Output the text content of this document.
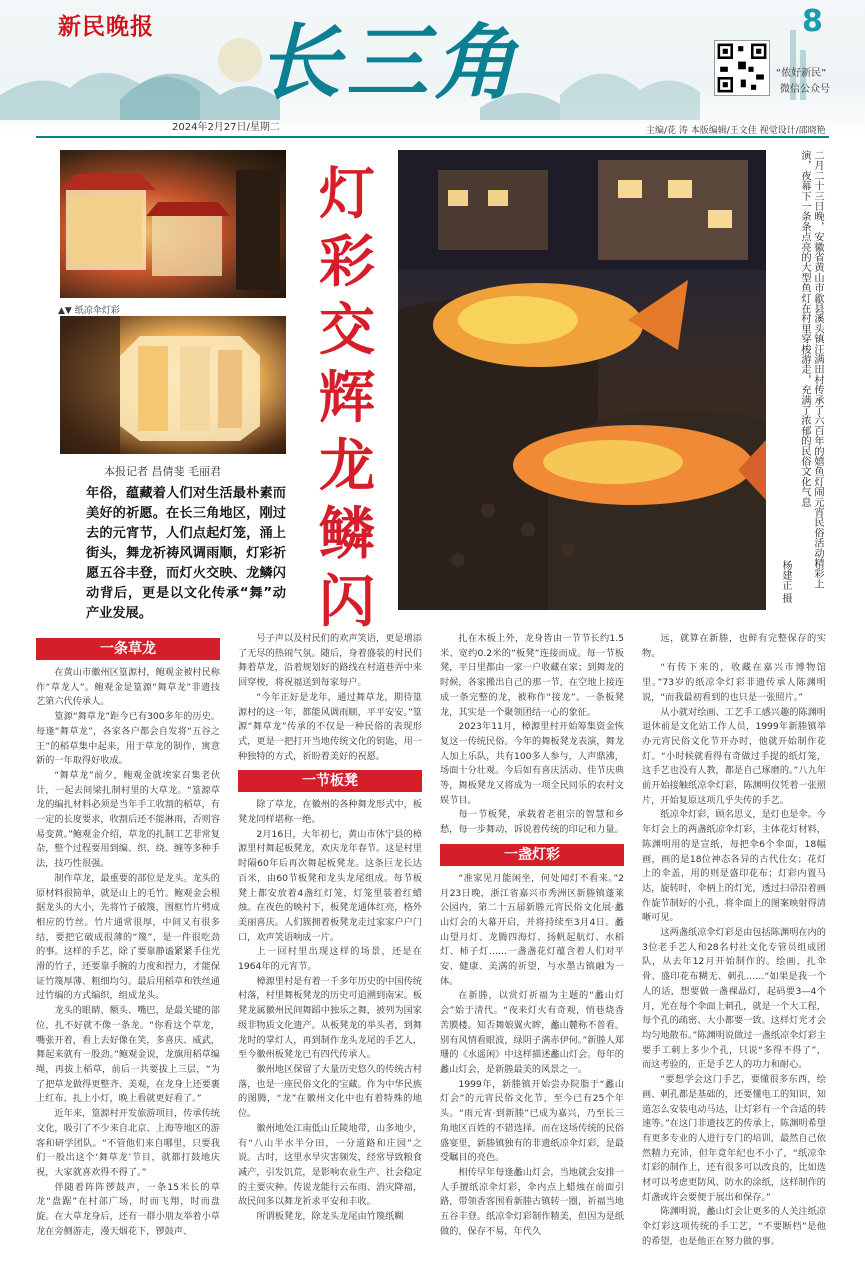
新民晚报	8
长三角
2024年2月27日/星期二
“侬好新民”
微信公众号
主编/花 涛 本版编辑/王文佳 视觉设计/邵晓艳
▲▼ 纸凉伞灯彩
本报记者 昌倩斐 毛丽君
年俗，蕴藏着人们对生活最朴素而美好的祈愿。在长三角地区，刚过去的元宵节，人们点起灯笼，涌上街头，舞龙祈祷风调雨顺，灯彩祈愿五谷丰登，而灯火交映、龙鳞闪动背后，更是以文化传承“舞”动产业发展。
灯彩交辉龙鳞闪
二月二十三日晚，安徽省黄山市歙县溪头镇汪满田村传承了六百年的嬉鱼灯闹元宵民俗活动精彩上演，夜幕下一条条点亮的大型鱼灯在村里穿梭游走，充满了浓郁的民俗文化气息
杨建正 摄
一条草龙

在黄山市徽州区篁源村，鲍观金被村民称作“草龙人”。鲍观金是篁源“舞草龙”非遗技艺第六代传承人。

篁源“舞草龙”距今已有300多年的历史。每逢“舞草龙”，各家各户都会自发将“五谷之王”的稻草集中起来，用于草龙的制作，寓意新的一年取得好收成。

“舞草龙”前夕，鲍观金就埃家召集老伙计，一起去间梁扎制村里的大草龙。“篁源草龙的编扎材料必须是当年手工收割的稻草，有一定的长度要求，收割后还不能淋雨，否则容易变黄。”鲍观金介绍，草龙的扎制工艺非常复杂，整个过程要用到编、织、绕、缠等多种手法，技巧性很强。

制作草龙，最重要的部位是龙头。龙头的原材料很简单，就是山上的毛竹。鲍观金会根据龙头的大小，先将竹子破篾，围框竹片劈成相应的竹丝。竹片通常很厚，中间又有很多结，要把它破成很薄的“篾”，是一件很吃劲的事。这样的手艺，除了要靠静谧紧紧手住光滑的竹子，还要靠手腕的力度和捏力，才能保证竹篾厚薄、粗细均匀。最后用稻草和铁丝通过竹编的方式编织，组成龙头。

龙头的眼睛、额头、嘴巴，是最关键的部位，扎不好就不像一条龙。“你看这个草龙，嘴张开着，看上去好像在笑，多喜庆、威武，舞起来就有一股劲。”鲍观金说，龙旗用稻草编绳，再拔上稻草，前后一共要拔上三层，“为了把草龙做得更整齐、美观，在龙身上还要裹上红布、扎上小灯，晚上看就更好看了。”

近年来，篁源村开发旅游项目，传承传统文化，吸引了不少来自北京、上海等地区的游客和研学团队。“不管他们来自哪里，只要我们一般出这个‘舞草龙’节目，就都打鼓地庆祝，大家就喜欢得不得了。”

伴随着阵阵锣鼓声，一条15米长的草龙“盘踞”在村部广场，时而飞翔，时而盘旋。在大草龙身后，还有一群小朋友举着小草龙在旁侧游走，漫天烟花下，锣鼓声、

号子声以及村民们的欢声笑语，更是增添了无尽的热闹气氛。随后，身着盛装的村民们舞着草龙，沿着规划好的路线在村道巷弄中来回穿梭，将祝福送到每家每户。

“今年正好是龙年，通过舞草龙，期待篁源村的这一年，都能风调雨顺，平平安安。”篁源“舞草龙”传承的不仅是一种民俗的表现形式，更是一把打开当地传统文化的钥匙，用一种独特的方式，祈盼着美好的祝愿。

一节板凳

除了草龙，在徽州的各种舞龙形式中，板凳龙同样堪称一绝。

2月16日，大年初七，黄山市休宁县的樟源里村舞起板凳龙，欢庆龙年春节。这是村里时隔60年后再次舞起板凳龙。这条巨龙长达百米，由60节板凳和龙头龙尾组成。每节板凳上都安放着4盏红灯笼，灯笼里装着红蜡烛。在夜色的映衬下，板凳龙通体红亮，格外美丽喜庆。人们簇拥着板凳龙走过家家户户门口，欢声笑语响成一片。

上一回村里出现这样的场景，还是在1964年的元宵节。

樟源里村是有着一千多年历史的中国传统村落，村里舞板凳龙的历史可追溯到南宋。板凳龙属徽州民间舞蹈中独乐之舞，被列为国家级非物质文化遗产。从板凳龙的举头者，到舞龙时的掌灯人，再到制作龙头龙尾的手艺人，至今徽州板凳龙已有四代传承人。

徽州地区保留了大量历史悠久的传统古村落，也是一座民俗文化的宝藏。作为中华民族的图腾，“龙”在徽州文化中也有着特殊的地位。

徽州地处江南低山丘陵地带，山多地少，有“八山半水半分田，一分道路和庄园”之说。古时，这里水旱灾害频发，经常导致粮食减产，引发饥荒，是影响农业生产、社会稳定的主要灾种。传说龙能行云布雨、消灾降福，故民间多以舞龙祈求平安和丰收。

所谓板凳龙，除龙头龙尾由竹篾纸糊

扎在木板上外，龙身皆由一节节长约1.5米、宽约0.2米的“板凳”连接而成。每一节板凳，平日里都由一家一户收藏在家；到舞龙的时候，各家搬出自己的那一节，在空地上接连成一条完整的龙，被称作“接龙”。一条板凳龙，其实是一个聚领团结一心的象征。

2023年11月，樟源里村开始筹集资金恢复这一传统民俗。今年的舞板凳龙表演，舞龙人加上乐队，共有100多人参与，人声鼎沸，场面十分壮观。今后如有喜庆活动、佳节庆典等，舞板凳龙又将成为一项全民同乐的农村文娱节目。

每一节板凳，承载着老祖宗的智慧和乡愁，每一步舞动，诉说着传统的印记和力量。

一盏灯彩

“准家见月能闲坐，何处闻灯不看来。”2月23日晚，浙江省嘉兴市秀洲区新塍镇蓬莱公园内，第二十五届新塍元宵民俗文化展·蠡山灯会的大幕开启，并将持续至3月4日。蠡山望月灯、龙腾四海灯、扬帆起航灯、水稻灯、柿子灯……一盏盏花灯蕴含着人们对平安、健康、美满的祈望，与水墨古镇融为一体。

在新塍，以赏灯祈福为主题的“蠡山灯会”始于清代。“夜来灯火有奇观，悄巷烧香苦膜楼。知否舞娘翼火眸，蠡山麓称不普看。别有风情看眼波，绿阴子满赤伊何。”新塍人郑珊的《水遥闲》中这样描述蠡山灯会。每年的蠡山灯会，是新塍最美的风景之一。

1999年，新塍镇开始尝办院脂于“蠡山灯会”的元宵民俗文化节，至今已有25个年头。“雨元宵·到新塍”已成为嘉兴，乃至长三角地区百姓的不错选择。而在这场传统的民俗盛宴里，新塍镇独有的非遗纸凉伞灯彩，是最受瞩目的亮色。

相传早年每逢蠡山灯会，当地就会安排一人手擅纸凉伞灯彩，伞内点上蜡烛在前面引路，带领香客围看新塍古镇转一圈，祈福当地五谷丰登。纸凉伞灯彩制作精美，但因为是纸做的，保存不易，年代久

远，就算在新塍，也鲜有完整保存的实物。

“有传下来的，收藏在嘉兴市博物馆里。”73岁的纸凉伞灯彩非遗传承人陈渊明说，“而我最初看到的也只是一张照片。”

从小就对绘画、工艺手工感兴趣的陈渊明退休前是文化站工作人员，1999年新塍镇举办元宵民俗文化节开办时，他就开始制作花灯。“小时候就看得有奇做过手提的纸灯笼，这手艺也没有人教，都是自己琢磨的。”八九年前开始接触纸凉伞灯彩，陈渊明仅凭着一张照片，开始复原这项几乎失传的手艺。

纸凉伞灯彩，顾名思义，是灯也是伞。今年灯会上的两盏纸凉伞灯彩，主体花灯材料，陈渊明用的是宣纸，每把伞6个伞面，18幅画，画的是18位神态各异的古代仕女；花灯上的伞盖，用的则是盛印花布；灯彩内置马达，旋转时，伞柄上的灯光，透过扫帚沿着画作旋节制好的小孔，将伞面上的图案映射得清晰可见。

这两盏纸凉伞灯彩是由包括陈渊明在内的3位老手艺人和28名村社文化专管员组成团队，从去年12月开始制作的。绘画、扎伞骨、盛印花布糊无、刺孔……“如果是我一个人的话，想要做一盏裸晶灯，起码要3—4个月，光在每个伞面上刺孔，就是一个大工程，每个孔的疏密、大小都要一致。这样灯光才会均匀地散布。”陈渊明说做过一盏纸凉伞灯彩主要手工刺上多少个孔，只说“多得不得了”，而这考验的，正是手艺人的功力和耐心。

“要想学会这门手艺，要懂很多东西，绘画、刺孔都是基础的，还要懂电工的知识，知道怎么安装电动马达，让灯彩有一个合适的转速等。”在这门非遗技艺的传承上，陈渊明希望有更多专业的人进行专门的培训，最然自己依然精力充沛，但年竟年纪也不小了，“纸凉伞灯彩的制作上，还有很多可以改良的，比如选材可以考虑更防风、防水的涂纸，这样制作的灯盏或许会要便于展出和保存。”

陈渊明说，蠡山灯会让更多的人关注纸凉伞灯彩这项传统的手工艺，“不要断档”是他的希望，也是他正在努力做的事。
